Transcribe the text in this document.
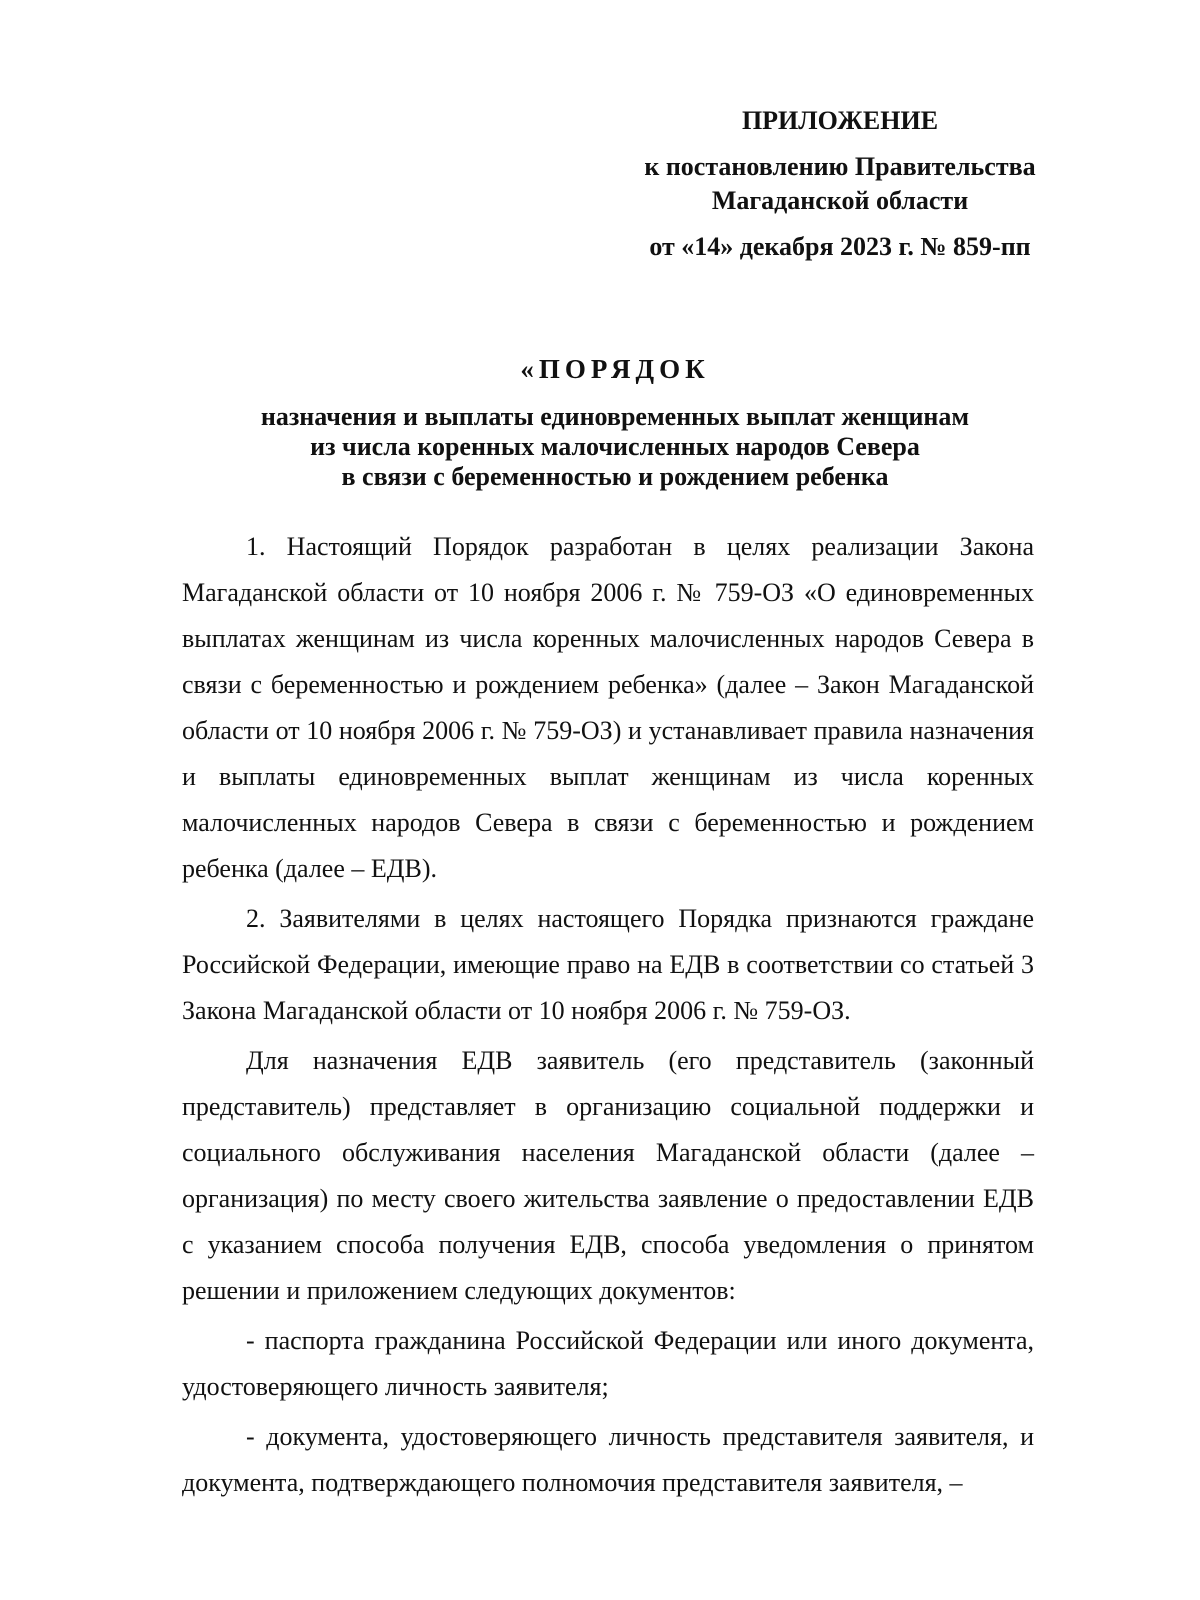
ПРИЛОЖЕНИЕ
к постановлению Правительства
Магаданской области
от «14» декабря 2023 г. № 859-пп
«ПОРЯДОК
назначения и выплаты единовременных выплат женщинам
из числа коренных малочисленных народов Севера
в связи с беременностью и рождением ребенка

1. Настоящий Порядок разработан в целях реализации Закона Магаданской области от 10 ноября 2006 г. № 759-ОЗ «О единовременных выплатах женщинам из числа коренных малочисленных народов Севера в связи с беременностью и рождением ребенка» (далее – Закон Магаданской области от 10 ноября 2006 г. № 759-ОЗ) и устанавливает правила назначения и выплаты единовременных выплат женщинам из числа коренных малочисленных народов Севера в связи с беременностью и рождением ребенка (далее – ЕДВ).

2. Заявителями в целях настоящего Порядка признаются граждане Российской Федерации, имеющие право на ЕДВ в соответствии со статьей 3 Закона Магаданской области от 10 ноября 2006 г. № 759-ОЗ.

Для назначения ЕДВ заявитель (его представитель (законный представитель) представляет в организацию социальной поддержки и социального обслуживания населения Магаданской области (далее – организация) по месту своего жительства заявление о предоставлении ЕДВ с указанием способа получения ЕДВ, способа уведомления о принятом решении и приложением следующих документов:

- паспорта гражданина Российской Федерации или иного документа, удостоверяющего личность заявителя;

- документа, удостоверяющего личность представителя заявителя, и документа, подтверждающего полномочия представителя заявителя, –
